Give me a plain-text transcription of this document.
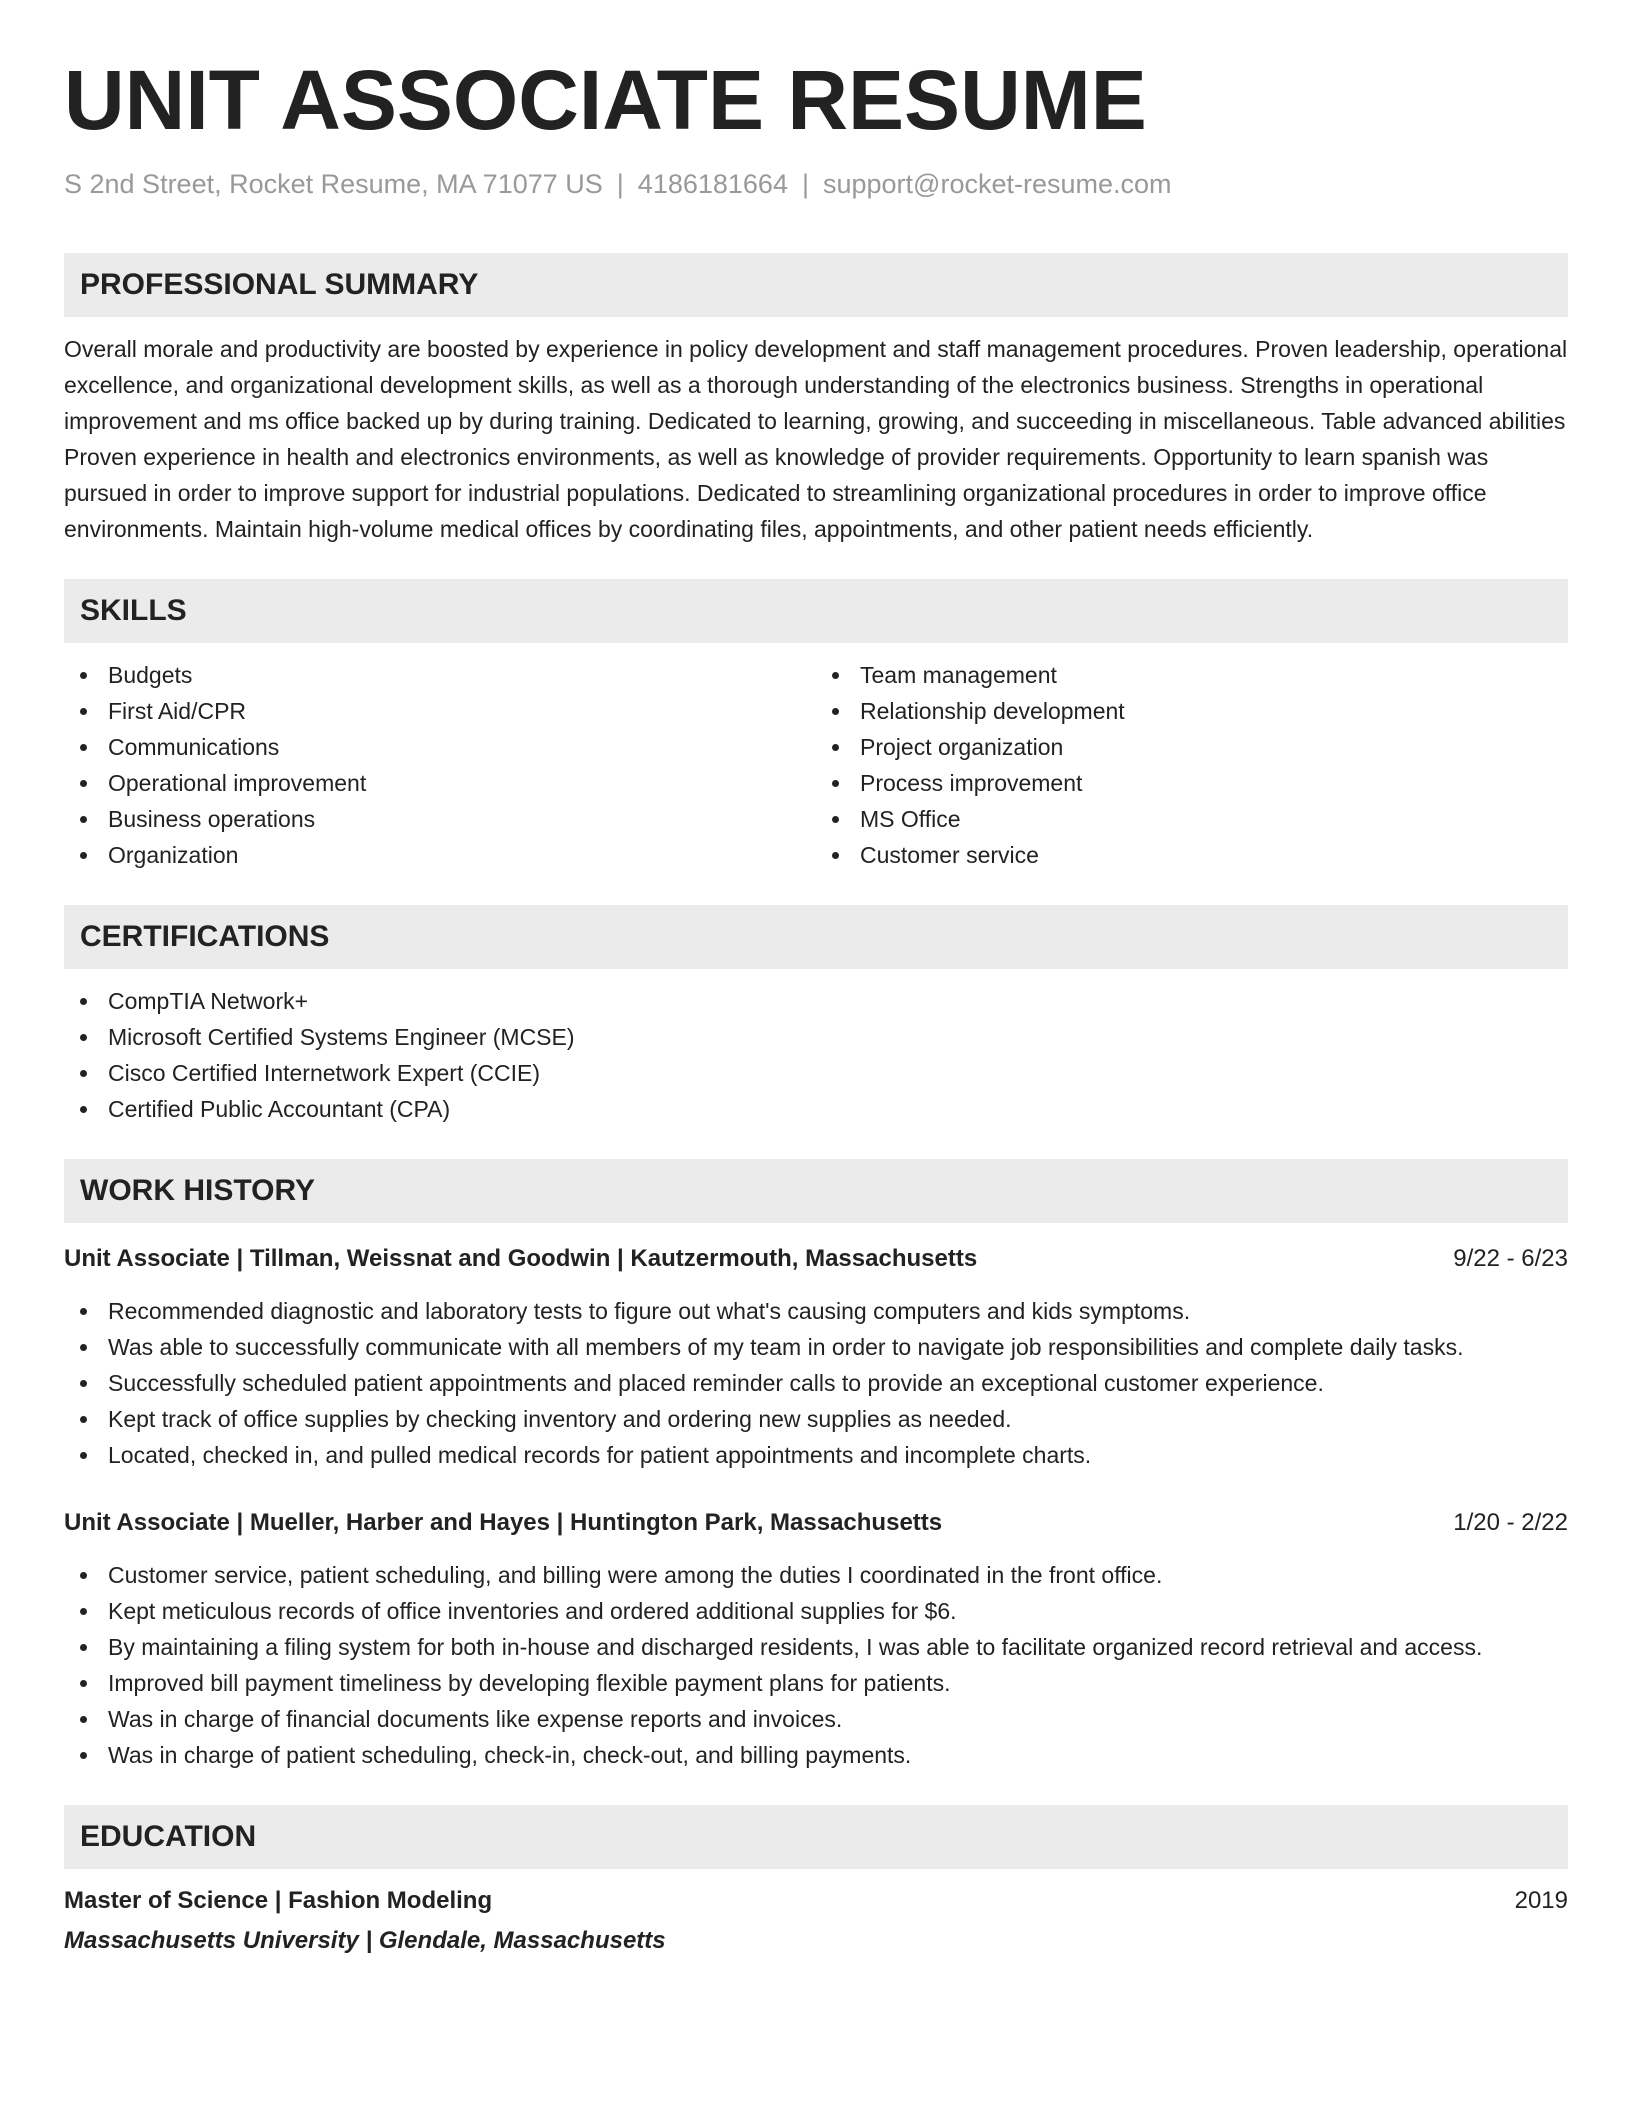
UNIT ASSOCIATE RESUME
S 2nd Street, Rocket Resume, MA 71077 US | 4186181664 | support@rocket-resume.com
PROFESSIONAL SUMMARY
Overall morale and productivity are boosted by experience in policy development and staff management procedures. Proven leadership, operational excellence, and organizational development skills, as well as a thorough understanding of the electronics business. Strengths in operational improvement and ms office backed up by during training. Dedicated to learning, growing, and succeeding in miscellaneous. Table advanced abilities Proven experience in health and electronics environments, as well as knowledge of provider requirements. Opportunity to learn spanish was pursued in order to improve support for industrial populations. Dedicated to streamlining organizational procedures in order to improve office environments. Maintain high-volume medical offices by coordinating files, appointments, and other patient needs efficiently.
SKILLS
Budgets
First Aid/CPR
Communications
Operational improvement
Business operations
Organization
Team management
Relationship development
Project organization
Process improvement
MS Office
Customer service
CERTIFICATIONS
CompTIA Network+
Microsoft Certified Systems Engineer (MCSE)
Cisco Certified Internetwork Expert (CCIE)
Certified Public Accountant (CPA)
WORK HISTORY
Unit Associate | Tillman, Weissnat and Goodwin | Kautzermouth, Massachusetts	9/22 - 6/23
Recommended diagnostic and laboratory tests to figure out what's causing computers and kids symptoms.
Was able to successfully communicate with all members of my team in order to navigate job responsibilities and complete daily tasks.
Successfully scheduled patient appointments and placed reminder calls to provide an exceptional customer experience.
Kept track of office supplies by checking inventory and ordering new supplies as needed.
Located, checked in, and pulled medical records for patient appointments and incomplete charts.
Unit Associate | Mueller, Harber and Hayes | Huntington Park, Massachusetts	1/20 - 2/22
Customer service, patient scheduling, and billing were among the duties I coordinated in the front office.
Kept meticulous records of office inventories and ordered additional supplies for $6.
By maintaining a filing system for both in-house and discharged residents, I was able to facilitate organized record retrieval and access.
Improved bill payment timeliness by developing flexible payment plans for patients.
Was in charge of financial documents like expense reports and invoices.
Was in charge of patient scheduling, check-in, check-out, and billing payments.
EDUCATION
Master of Science | Fashion Modeling	2019
Massachusetts University | Glendale, Massachusetts
